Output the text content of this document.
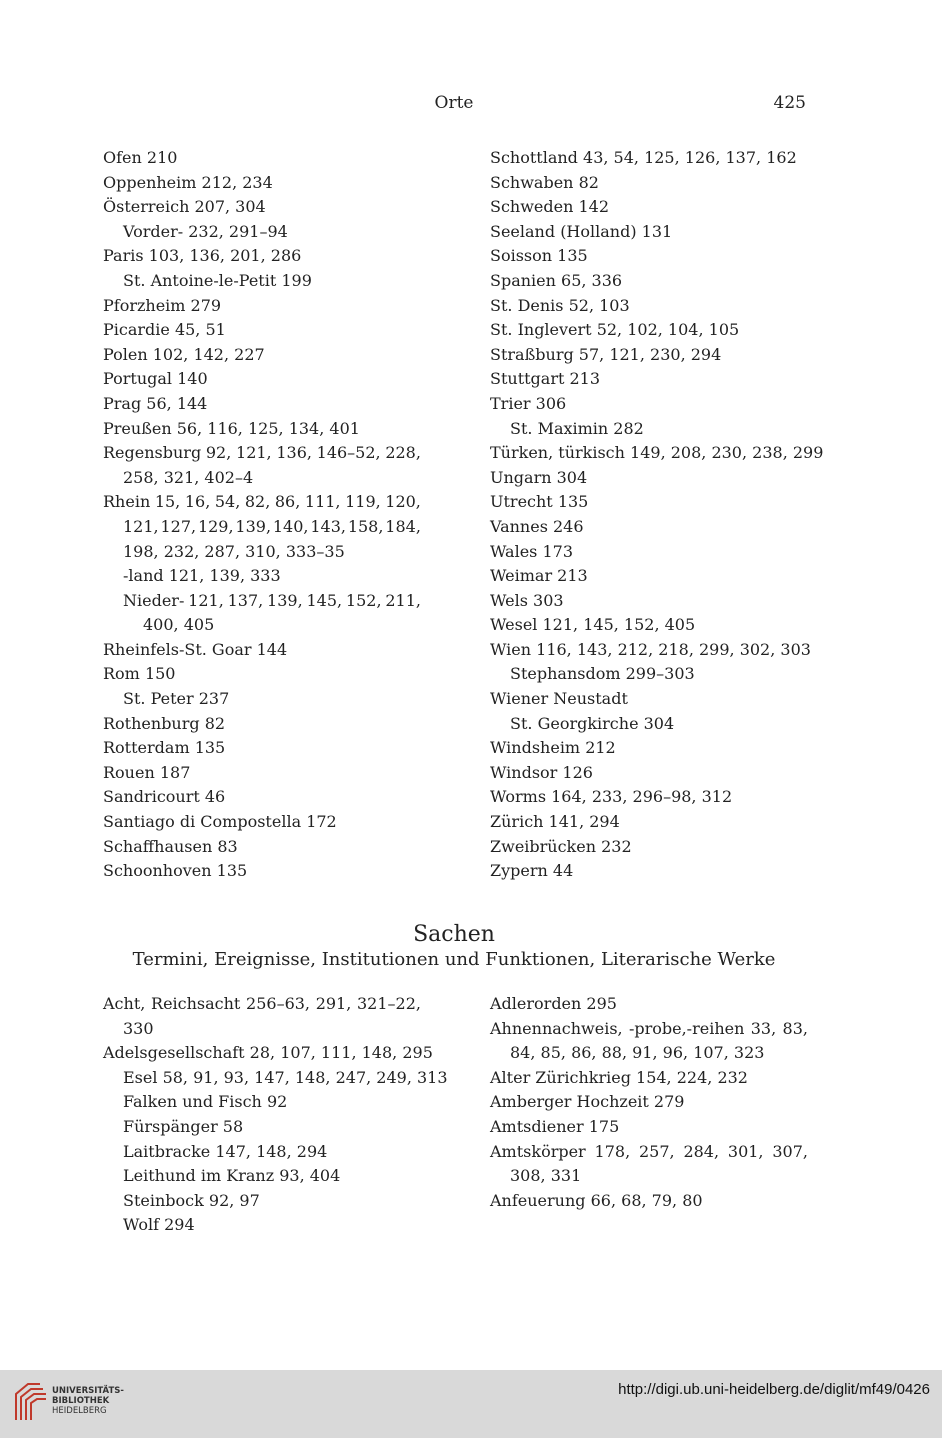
Orte	425
Ofen 210
Oppenheim 212, 234
Österreich 207, 304
Vorder- 232, 291–94
Paris 103, 136, 201, 286
St. Antoine-le-Petit 199
Pforzheim 279
Picardie 45, 51
Polen 102, 142, 227
Portugal 140
Prag 56, 144
Preußen 56, 116, 125, 134, 401
Regensburg 92, 121, 136, 146–52, 228,
258, 321, 402–4
Rhein 15, 16, 54, 82, 86, 111, 119, 120,
121, 127, 129, 139, 140, 143, 158, 184,
198, 232, 287, 310, 333–35
-land 121, 139, 333
Nieder- 121, 137, 139, 145, 152, 211,
400, 405
Rheinfels-St. Goar 144
Rom 150
St. Peter 237
Rothenburg 82
Rotterdam 135
Rouen 187
Sandricourt 46
Santiago di Compostella 172
Schaffhausen 83
Schoonhoven 135
Schottland 43, 54, 125, 126, 137, 162
Schwaben 82
Schweden 142
Seeland (Holland) 131
Soisson 135
Spanien 65, 336
St. Denis 52, 103
St. Inglevert 52, 102, 104, 105
Straßburg 57, 121, 230, 294
Stuttgart 213
Trier 306
St. Maximin 282
Türken, türkisch 149, 208, 230, 238, 299
Ungarn 304
Utrecht 135
Vannes 246
Wales 173
Weimar 213
Wels 303
Wesel 121, 145, 152, 405
Wien 116, 143, 212, 218, 299, 302, 303
Stephansdom 299–303
Wiener Neustadt
St. Georgkirche 304
Windsheim 212
Windsor 126
Worms 164, 233, 296–98, 312
Zürich 141, 294
Zweibrücken 232
Zypern 44
Sachen
Termini, Ereignisse, Institutionen und Funktionen, Literarische Werke
Acht, Reichsacht 256–63, 291, 321–22,
330
Adelsgesellschaft 28, 107, 111, 148, 295
Esel 58, 91, 93, 147, 148, 247, 249, 313
Falken und Fisch 92
Fürspänger 58
Laitbracke 147, 148, 294
Leithund im Kranz 93, 404
Steinbock 92, 97
Wolf 294
Adlerorden 295
Ahnennachweis, -probe,-reihen 33, 83,
84, 85, 86, 88, 91, 96, 107, 323
Alter Zürichkrieg 154, 224, 232
Amberger Hochzeit 279
Amtsdiener 175
Amtskörper 178, 257, 284, 301, 307,
308, 331
Anfeuerung 66, 68, 79, 80
UNIVERSITÄTS-
BIBLIOTHEK
HEIDELBERG
http://digi.ub.uni-heidelberg.de/diglit/mf49/0426
